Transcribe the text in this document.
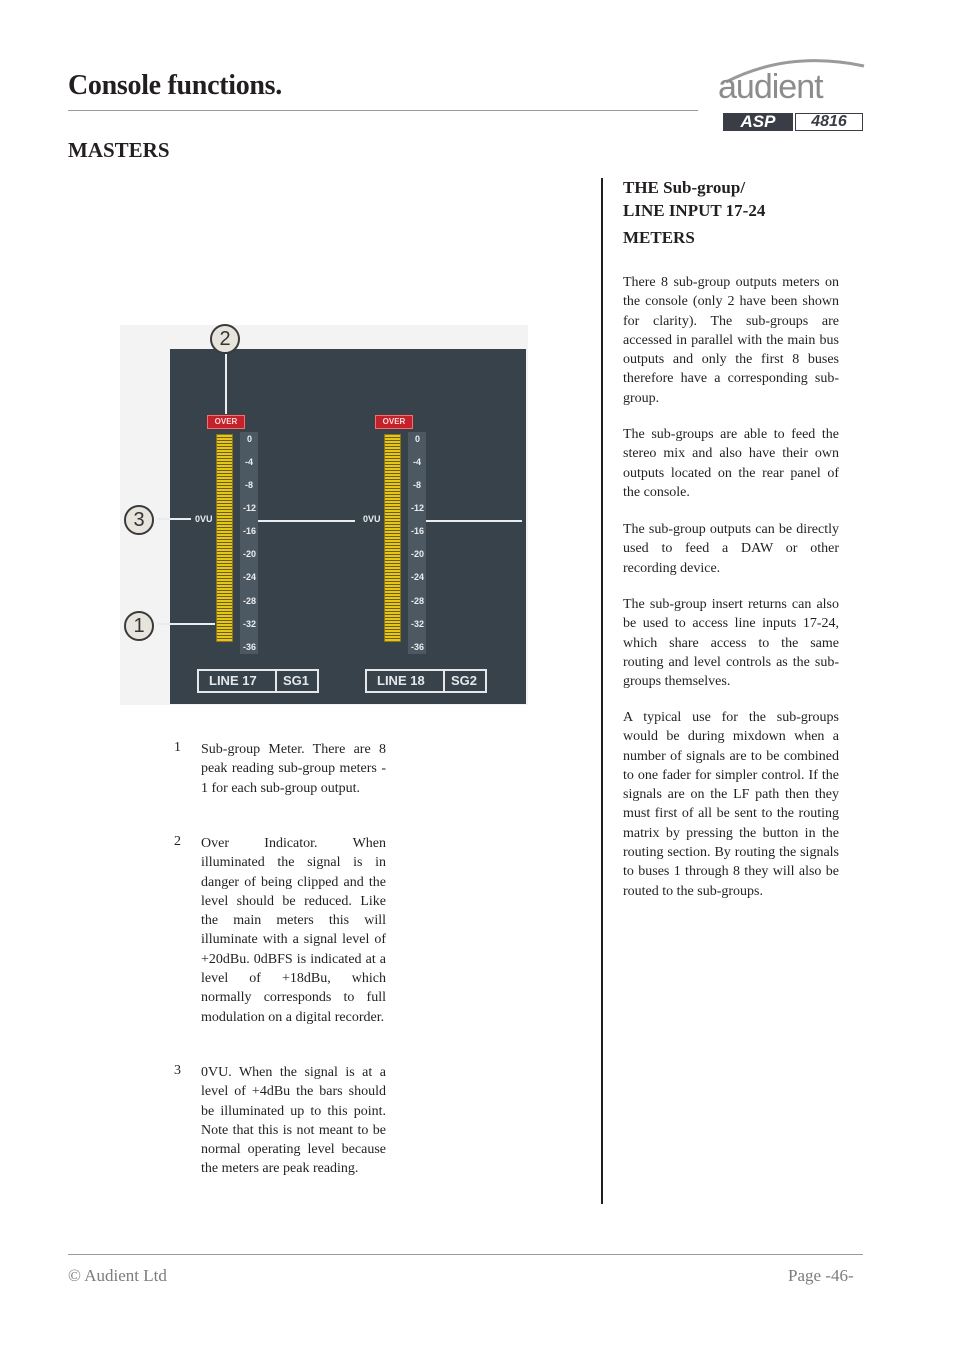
Console functions.	audient
ASP	4816
MASTERS
2
3
1
OVER
0VU
0
-4
-8
-12
-16
-20
-24
-28
-32
-36
LINE 17 SG1
OVER
0VU
0
-4
-8
-12
-16
-20
-24
-28
-32
-36
LINE 18 SG2
1 Sub-group Meter. There are 8 peak reading sub-group meters - 1 for each sub-group output.
2 Over Indicator. When illuminated the signal is in danger of being clipped and the level should be reduced. Like the main meters this will illuminate with a signal level of +20dBu. 0dBFS is indicated at a level of +18dBu, which normally corresponds to full modulation on a digital recorder.
3 0VU. When the signal is at a level of +4dBu the bars should be illuminated up to this point. Note that this is not meant to be normal operating level because the meters are peak reading.
THE Sub-group/
LINE INPUT 17-24
METERS
There 8 sub-group outputs meters on the console (only 2 have been shown for clarity). The sub-groups are accessed in parallel with the main bus outputs and only the first 8 buses therefore have a corresponding sub-group.
The sub-groups are able to feed the stereo mix and also have their own outputs located on the rear panel of the console.
The sub-group outputs can be directly used to feed a DAW or other recording device.
The sub-group insert returns can also be used to access line inputs 17-24, which share access to the same routing and level controls as the sub-groups themselves.
A typical use for the sub-groups would be during mixdown when a number of signals are to be combined to one fader for simpler control. If the signals are on the LF path then they must first of all be sent to the routing matrix by pressing the button in the routing section. By routing the signals to buses 1 through 8 they will also be routed to the sub-groups.
© Audient Ltd	Page -46-
